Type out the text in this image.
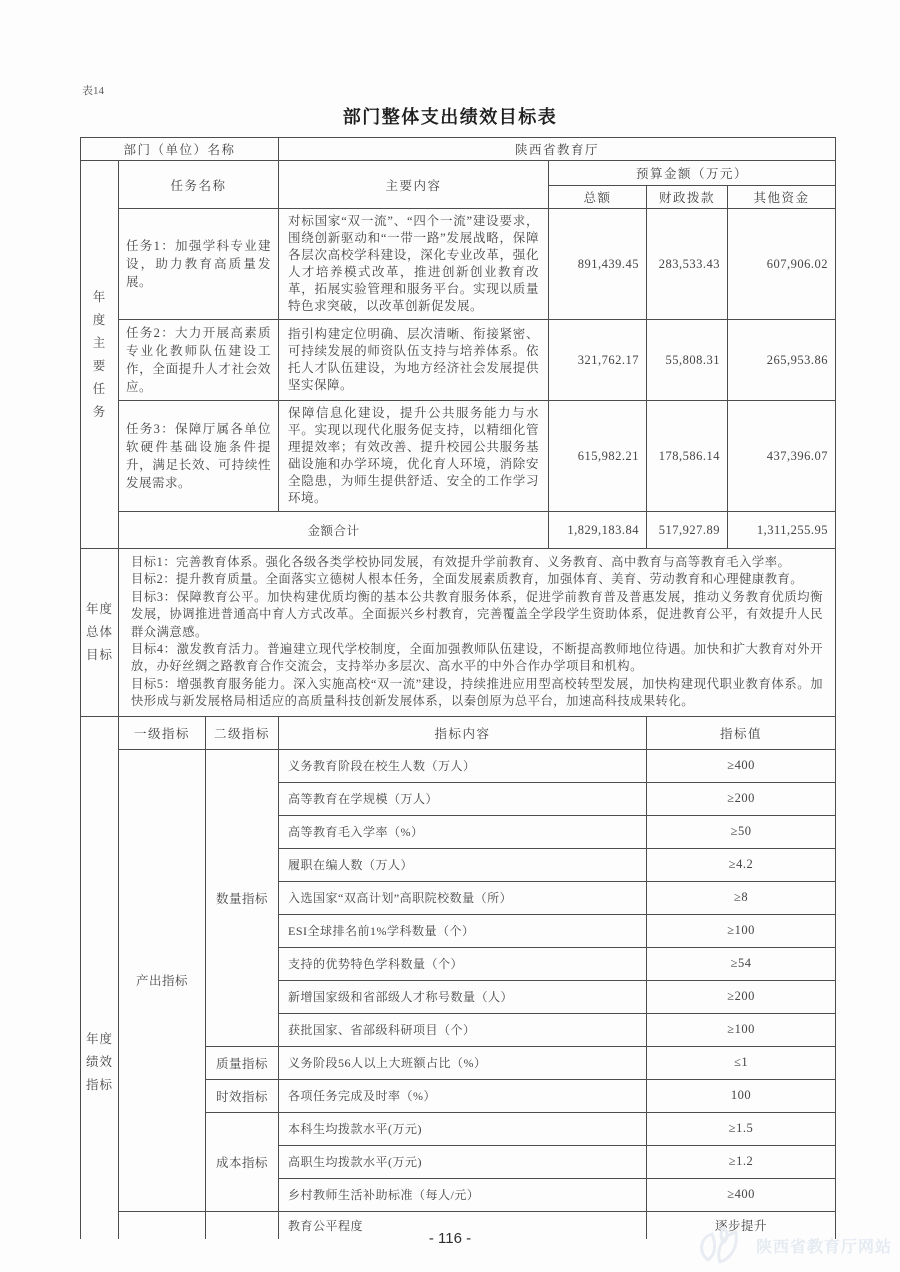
表14
部门整体支出绩效目标表
部门（单位）名称			陕西省教育厅			

年 度
主 要
任 务	任务名称		主要内容	预算金额（万元）		
				总额	财政拨款	其他资金
	任务1：加强学科专业建设，助力教育高质量发展。		对标国家“双一流”、“四个一流”建设要求，围绕创新驱动和“一带一路”发展战略，保障各层次高校学科建设，深化专业改革，强化人才培养模式改革，推进创新创业教育改革，拓展实验管理和服务平台。实现以质量特色求突破，以改革创新促发展。	891,439.45	283,533.43	607,906.02
	任务2：大力开展高素质专业化教师队伍建设工作，全面提升人才社会效应。		指引构建定位明确、层次清晰、衔接紧密、可持续发展的师资队伍支持与培养体系。依托人才队伍建设，为地方经济社会发展提供坚实保障。	321,762.17	55,808.31	265,953.86
	任务3：保障厅属各单位软硬件基础设施条件提升，满足长效、可持续性发展需求。		保障信息化建设，提升公共服务能力与水平。实现以现代化服务促支持，以精细化管理提效率；有效改善、提升校园公共服务基础设施和办学环境，优化育人环境，消除安全隐患，为师生提供舒适、安全的工作学习环境。	615,982.21	178,586.14	437,396.07
	金额合计			1,829,183.84	517,927.89	1,311,255.95

年度
总体
目标

目标1：完善教育体系。强化各级各类学校协同发展，有效提升学前教育、义务教育、高中教育与高等教育毛入学率。
目标2：提升教育质量。全面落实立德树人根本任务，全面发展素质教育，加强体育、美育、劳动教育和心理健康教育。
目标3：保障教育公平。加快构建优质均衡的基本公共教育服务体系，促进学前教育普及普惠发展，推动义务教育优质均衡发展，协调推进普通高中育人方式改革。全面振兴乡村教育，完善覆盖全学段学生资助体系，促进教育公平，有效提升人民群众满意感。
目标4：激发教育活力。普遍建立现代学校制度，全面加强教师队伍建设，不断提高教师地位待遇。加快和扩大教育对外开放，办好丝绸之路教育合作交流会，支持举办多层次、高水平的中外合作办学项目和机构。
目标5：增强教育服务能力。深入实施高校“双一流”建设，持续推进应用型高校转型发展，加快构建现代职业教育体系。加快形成与新发展格局相适应的高质量科技创新发展体系，以秦创原为总平台，加速高科技成果转化。

年度
绩效
指标	一级指标	二级指标	指标内容		指标值	
	产出指标	数量指标	义务教育阶段在校生人数（万人）		≥400	
			高等教育在学规模（万人）		≥200	
			高等教育毛入学率（%）		≥50	
			履职在编人数（万人）		≥4.2	
			入选国家“双高计划”高职院校数量（所）		≥8	
			ESI全球排名前1%学科数量（个）		≥100	
			支持的优势特色学科数量（个）		≥54	
			新增国家级和省部级人才称号数量（人）		≥200	
			获批国家、省部级科研项目（个）		≥100	
		质量指标	义务阶段56人以上大班额占比（%）		≤1	
		时效指标	各项任务完成及时率（%）		100	
		成本指标	本科生均拨款水平(万元)		≥1.5	
			高职生均拨款水平(万元)		≥1.2	
			乡村教师生活补助标准（每人/元）		≥400	
			教育公平程度		逐步提升	
- 116 -	陕西省教育厅网站
